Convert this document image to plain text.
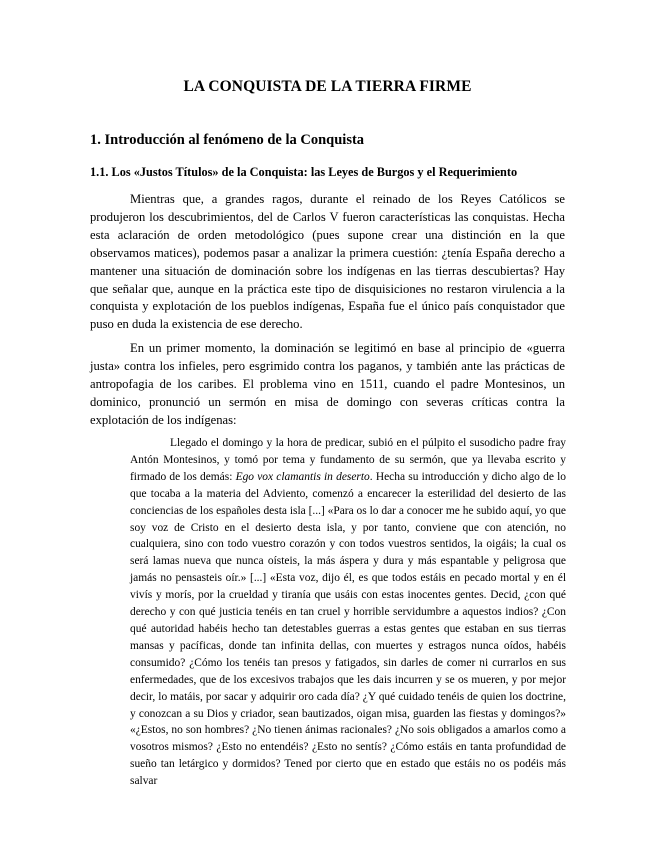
LA CONQUISTA DE LA TIERRA FIRME
1. Introducción al fenómeno de la Conquista
1.1. Los «Justos Títulos» de la Conquista: las Leyes de Burgos y el Requerimiento

Mientras que, a grandes ragos, durante el reinado de los Reyes Católicos se produjeron los descubrimientos, del de Carlos V fueron características las conquistas. Hecha esta aclaración de orden metodológico (pues supone crear una distinción en la que observamos matices), podemos pasar a analizar la primera cuestión: ¿tenía España derecho a mantener una situación de dominación sobre los indígenas en las tierras descubiertas? Hay que señalar que, aunque en la práctica este tipo de disquisiciones no restaron virulencia a la conquista y explotación de los pueblos indígenas, España fue el único país conquistador que puso en duda la existencia de ese derecho.

En un primer momento, la dominación se legitimó en base al principio de «guerra justa» contra los infieles, pero esgrimido contra los paganos, y también ante las prácticas de antropofagia de los caribes. El problema vino en 1511, cuando el padre Montesinos, un dominico, pronunció un sermón en misa de domingo con severas críticas contra la explotación de los indígenas:

Llegado el domingo y la hora de predicar, subió en el púlpito el susodicho padre fray Antón Montesinos, y tomó por tema y fundamento de su sermón, que ya llevaba escrito y firmado de los demás: Ego vox clamantis in deserto. Hecha su introducción y dicho algo de lo que tocaba a la materia del Adviento, comenzó a encarecer la esterilidad del desierto de las conciencias de los españoles desta isla [...] «Para os lo dar a conocer me he subido aquí, yo que soy voz de Cristo en el desierto desta isla, y por tanto, conviene que con atención, no cualquiera, sino con todo vuestro corazón y con todos vuestros sentidos, la oigáis; la cual os será lamas nueva que nunca oísteis, la más áspera y dura y más espantable y peligrosa que jamás no pensasteis oír.» [...] «Esta voz, dijo él, es que todos estáis en pecado mortal y en él vivís y morís, por la crueldad y tiranía que usáis con estas inocentes gentes. Decid, ¿con qué derecho y con qué justicia tenéis en tan cruel y horrible servidumbre a aquestos indios? ¿Con qué autoridad habéis hecho tan detestables guerras a estas gentes que estaban en sus tierras mansas y pacíficas, donde tan infinita dellas, con muertes y estragos nunca oídos, habéis consumido? ¿Cómo los tenéis tan presos y fatigados, sin darles de comer ni currarlos en sus enfermedades, que de los excesivos trabajos que les dais incurren y se os mueren, y por mejor decir, lo matáis, por sacar y adquirir oro cada día? ¿Y qué cuidado tenéis de quien los doctrine, y conozcan a su Dios y criador, sean bautizados, oigan misa, guarden las fiestas y domingos?» «¿Estos, no son hombres? ¿No tienen ánimas racionales? ¿No sois obligados a amarlos como a vosotros mismos? ¿Esto no entendéis? ¿Esto no sentís? ¿Cómo estáis en tanta profundidad de sueño tan letárgico y dormidos? Tened por cierto que en estado que estáis no os podéis más salvar
